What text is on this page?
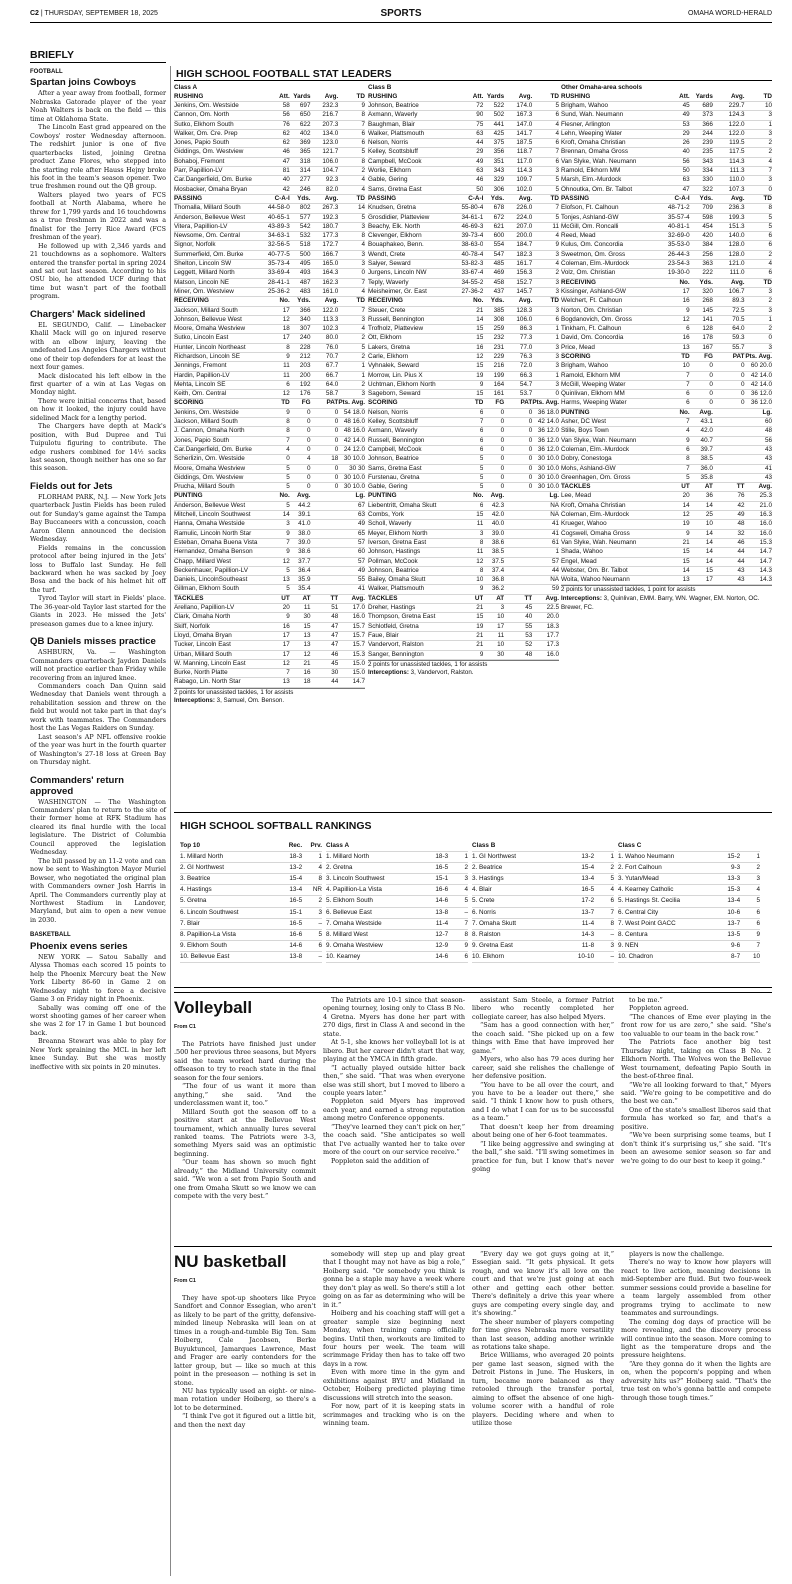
C2 | THURSDAY, SEPTEMBER 18, 2025	SPORTS	OMAHA WORLD-HERALD
BRIEFLY
FOOTBALL
Spartan joins Cowboys

After a year away from football, former Nebraska Gatorade player of the year Noah Walters is back on the field — this time at Oklahoma State.

The Lincoln East grad appeared on the Cowboys' roster Wednesday afternoon. The redshirt junior is one of five quarterbacks listed, joining Gretna product Zane Flores, who stepped into the starting role after Hauss Hejny broke his foot in the team's season opener. Two true freshmen round out the QB group.

Walters played two years of FCS football at North Alabama, where he threw for 1,799 yards and 16 touchdowns as a true freshman in 2022 and was a finalist for the Jerry Rice Award (FCS freshman of the year).

He followed up with 2,346 yards and 21 touchdowns as a sophomore. Walters entered the transfer portal in spring 2024 and sat out last season. According to his OSU bio, he attended UCF during that time but wasn't part of the football program.

Chargers' Mack sidelined

EL SEGUNDO, Calif. — Linebacker Khalil Mack will go on injured reserve with an elbow injury, leaving the undefeated Los Angeles Chargers without one of their top defenders for at least the next four games.

Mack dislocated his left elbow in the first quarter of a win at Las Vegas on Monday night.

There were initial concerns that, based on how it looked, the injury could have sidelined Mack for a lengthy period.

The Chargers have depth at Mack's position, with Bud Dupree and Tui Tuipulotu figuring to contribute. The edge rushers combined for 14½ sacks last season, though neither has one so far this season.

Fields out for Jets

FLORHAM PARK, N.J. — New York Jets quarterback Justin Fields has been ruled out for Sunday's game against the Tampa Bay Buccaneers with a concussion, coach Aaron Glenn announced the decision Wednesday.

Fields remains in the concussion protocol after being injured in the Jets' loss to Buffalo last Sunday. He fell backward when he was sacked by Joey Bosa and the back of his helmet hit off the turf.

Tyrod Taylor will start in Fields' place. The 36-year-old Taylor last started for the Giants in 2023. He missed the Jets' preseason games due to a knee injury.

QB Daniels misses practice

ASHBURN, Va. — Washington Commanders quarterback Jayden Daniels will not practice earlier than Friday while recovering from an injured knee.

Commanders coach Dan Quinn said Wednesday that Daniels went through a rehabilitation session and threw on the field but would not take part in that day's work with teammates. The Commanders host the Las Vegas Raiders on Sunday.

Last season's AP NFL offensive rookie of the year was hurt in the fourth quarter of Washington's 27-18 loss at Green Bay on Thursday night.

Commanders' return approved

WASHINGTON — The Washington Commanders' plan to return to the site of their former home at RFK Stadium has cleared its final hurdle with the local legislature. The District of Columbia Council approved the legislation Wednesday.

The bill passed by an 11-2 vote and can now be sent to Washington Mayor Muriel Bowser, who negotiated the original plan with Commanders owner Josh Harris in April. The Commanders currently play at Northwest Stadium in Landover, Maryland, but aim to open a new venue in 2030.

BASKETBALL
Phoenix evens series

NEW YORK — Satou Sabally and Alyssa Thomas each scored 15 points to help the Phoenix Mercury beat the New York Liberty 86-60 in Game 2 on Wednesday night to force a decisive Game 3 on Friday night in Phoenix.

Sabally was coming off one of the worst shooting games of her career when she was 2 for 17 in Game 1 but bounced back.

Breanna Stewart was able to play for New York spraining the MCL in her left knee Sunday. But she was mostly ineffective with six points in 20 minutes.

HIGH SCHOOL FOOTBALL STAT LEADERS
Class A
RUSHING	Att.	Yards	Avg.	TD
Jenkins, Om. Westside	58	697	232.3	9
Cannon, Om. North	56	650	216.7	8
Sutko, Elkhorn South	76	622	207.3	7
Walker, Om. Cre. Prep	62	402	134.0	6
Jones, Papio South	62	369	123.0	6
Giddings, Om. Westview	46	365	121.7	5
Bohaboj, Fremont	47	318	106.0	8
Parr, Papillion-LV	81	314	104.7	2
Car.Dangerfield, Om. Burke	40	277	92.3	4
Mosbacker, Omaha Bryan	42	246	82.0	4
PASSING	C-A-I	Yds.	Avg.	TD
Thomalla, Millard South	44-58-0	802	267.3	14
Anderson, Bellevue West	40-65-1	577	192.3	5
Vitera, Papillion-LV	43-89-3	542	180.7	3
Newsome, Om. Central	34-63-1	532	177.3	8
Signor, Norfolk	32-56-5	518	172.7	4
Summerfield, Om. Burke	40-77-5	500	166.7	3
Shelton, Lincoln SW	35-73-4	495	165.0	3
Leggett, Millard North	33-69-4	493	164.3	0
Matson, Lincoln NE	28-41-1	487	162.3	7
Miner, Om. Westview	25-36-2	483	161.0	4
RECEIVING	No.	Yds.	Avg.	TD
Jackson, Millard South	17	366	122.0	7
Johnson, Bellevue West	12	340	113.3	3
Moore, Omaha Westview	18	307	102.3	4
Sutko, Lincoln East	17	240	80.0	2
Hunter, Lincoln Northeast	8	228	76.0	5
Richardson, Lincoln SE	9	212	70.7	2
Jennings, Fremont	11	203	67.7	1
Hardin, Papillion-LV	11	200	66.7	1
Mehta, Lincoln SE	6	192	64.0	2
Keith, Om. Central	12	176	58.7	3
SCORING	TD	FG	PAT	Pts. Avg.
Jenkins, Om. Westside	9	0	0	54 18.0
Jackson, Millard South	8	0	0	48 16.0
J. Cannon, Omaha North	8	0	0	48 16.0
Jones, Papio South	7	0	0	42 14.0
Car.Dangerfield, Om. Burke	4	0	0	24 12.0
Scherlizin, Om. Westside	0	4	18	30 10.0
Moore, Omaha Westview	5	0	0	30 30
Giddings, Om. Westview	5	0	0	30 10.0
Prucha, Millard South	5	0	0	30 10.0
PUNTING	No.	Avg.		Lg.
Anderson, Bellevue West	5	44.2		67
Mitchell, Lincoln Southwest	14	39.1		63
Hanna, Omaha Westside	3	41.0		49
Ramulic, Lincoln North Star	9	38.0		65
Esteban, Omaha Buena Vista	7	39.0		57
Hernandez, Omaha Benson	9	38.6		60
Chapp, Millard West	12	37.7		57
Beckenhauer, Papillion-LV	5	36.4		49
Daniels, LincolnSoutheast	13	35.9		55
Gillman, Elkhorn South	5	35.4		41
TACKLES	UT	AT	TT	Avg.
Arellano, Papillion-LV	20	11	51	17.0
Clark, Omaha North	9	30	48	16.0
Skiff, Norfolk	16	15	47	15.7
Lloyd, Omaha Bryan	17	13	47	15.7
Tucker, Lincoln East	17	13	47	15.7
Urban, Millard South	17	12	46	15.3
W. Manning, Lincoln East	12	21	45	15.0
Burke, North Platte	7	16	30	15.0
Rabago, Lin. North Star	13	18	44	14.7
2 points for unassisted tackles, 1 for assists
Interceptions: 3, Samuel, Om. Benson.
Class B
RUSHING	Att.	Yards	Avg.	TD
Johnson, Beatrice	72	522	174.0	5
Axmann, Waverly	90	502	167.3	6
Baughman, Blair	75	441	147.0	4
Walker, Plattsmouth	63	425	141.7	4
Nelson, Norris	44	375	187.5	6
Kelley, Scottsbluff	29	356	118.7	7
Campbell, McCook	49	351	117.0	6
Worlie, Elkhorn	63	343	114.3	3
Gable, Gering	46	329	109.7	5
Sams, Gretna East	50	306	102.0	5
PASSING	C-A-I	Yds.	Avg.	TD
Knudsen, Gretna	55-80-4	678	226.0	7
Grosdidier, Platteview	34-61-1	672	224.0	5
Beachy, Elk. North	46-69-3	621	207.0	11
Clevenger, Elkhorn	39-73-4	600	200.0	4
Bouaphakeo, Benn.	38-63-0	554	184.7	9
Wendt, Crete	40-78-4	547	182.3	3
Salyer, Seward	53-82-3	485	161.7	4
Jurgens, Lincoln NW	33-67-4	469	156.3	2
Teply, Waverly	34-55-2	458	152.7	3
Meisheimer, Gr. East	27-36-2	437	145.7	3
RECEIVING	No.	Yds.	Avg.	TD
Steuer, Crete	21	385	128.3	3
Russell, Bennington	14	308	106.0	6
Trofholz, Platteview	15	259	86.3	1
Ott, Elkhorn	15	232	77.3	1
Lakers, Gretna	16	231	77.0	3
Carle, Elkhorn	12	229	76.3	3
Vyhnalek, Seward	15	216	72.0	3
Morrow, Lin. Pius X	19	199	66.3	1
Uchtman, Elkhorn North	9	164	54.7	3
Sageborn, Seward	15	161	53.7	0
SCORING	TD	FG	PAT	Pts. Avg.
Nelson, Norris	6	0	0	36 18.0
Kelley, Scottsbluff	7	0	0	42 14.0
Axmann, Waverly	6	0	0	36 12.0
Russell, Bennington	6	0	0	36 12.0
Campbell, McCook	6	0	0	36 12.0
Johnson, Beatrice	5	0	0	30 10.0
Sams, Gretna East	5	0	0	30 10.0
Furstenau, Gretna	5	0	0	30 10.0
Gable, Gering	5	0	0	30 10.0
PUNTING	No.	Avg.		Lg.
Liebentritt, Omaha Skutt	6	42.3		NA
Combs, York	15	42.0		NA
Scholl, Waverly	11	40.0		41
Meyer, Elkhorn North	3	39.0		41
Iverson, Gretna East	8	38.6		61
Johnson, Hastings	11	38.5		1
Pollman, McCook	12	37.5		57
Johnson, Beatrice	8	37.4		44
Bailey, Omaha Skutt	10	36.8		NA
Walker, Plattsmouth	9	36.2		59
TACKLES	UT	AT	TT	Avg.
Dreher, Hastings	21	3	45	22.5
Thompson, Gretna East	15	10	40	20.0
Schlotfeld, Gretna	19	17	55	18.3
Faue, Blair	21	11	53	17.7
Vandervort, Ralston	21	10	52	17.3
Sanger, Bennington	9	30	48	16.0
2 points for unassisted tackles, 1 for assists
Interceptions: 3, Vandervort, Ralston.
Other Omaha-area schools
RUSHING	Att.	Yards	Avg.	TD
Brigham, Wahoo	45	689	229.7	10
Sund, Wah. Neumann	49	373	124.3	3
Flesner, Arlington	53	366	122.0	1
Lehn, Weeping Water	29	244	122.0	3
Kroft, Omaha Christian	26	239	119.5	2
Brennan, Omaha Gross	40	235	117.5	2
Van Slyke, Wah. Neumann	56	343	114.3	4
Ramold, Elkhorn MM	50	334	111.3	7
Marsh, Elm.-Murdock	63	330	110.0	3
Ohnoutka, Om. Br. Talbot	47	322	107.3	0
PASSING	C-A-I	Yds.	Avg.	TD
Elofson, Ft. Calhoun	48-71-2	709	236.3	8
Tonjes, Ashland-GW	35-57-4	598	199.3	5
McGill, Om. Roncalli	40-81-1	454	151.3	5
Reed, Mead	32-69-0	420	140.0	6
Kulus, Om. Concordia	35-53-0	384	128.0	6
Sweetmon, Om. Gross	26-44-3	256	128.0	2
Coleman, Elm.-Murdock	23-54-3	363	121.0	4
Volz, Om. Christian	19-30-0	222	111.0	6
RECEIVING	No.	Yds.	Avg.	TD
Kissinger, Ashland-GW	17	320	106.7	3
Welchert, Ft. Calhoun	16	268	89.3	2
Norton, Om. Christian	9	145	72.5	3
Bogdanovich, Om. Gross	12	141	70.5	1
Tinkham, Ft. Calhoun	6	128	64.0	2
David, Om. Concordia	16	178	59.3	0
Price, Mead	13	167	55.7	3
SCORING	TD	FG	PAT	Pts. Avg.
Brigham, Wahoo	10	0	0	60 20.0
Ramold, Elkhorn MM	7	0	0	42 14.0
McGill, Weeping Water	7	0	0	42 14.0
Quinlivan, Elkhorn MM	6	0	0	36 12.0
Harms, Weeping Water	6	0	0	36 12.0
PUNTING	No.	Avg.		Lg.
Asher, DC West	7	43.1		60
Stille, Boys Town	4	42.0		48
Van Slyke, Wah. Neumann	9	40.7		56
Coleman, Elm.-Murdock	6	39.7		43
Dobry, Conestoga	8	38.5		43
Mohs, Ashland-GW	7	36.0		41
Greenhagen, Om. Gross	5	35.8		43
TACKLES	UT	AT	TT	Avg.
Lee, Mead	20	36	76	25.3
Kroft, Omaha Christian	14	14	42	21.0
Coleman, Elm.-Murdock	12	25	49	16.3
Krueger, Wahoo	19	10	48	16.0
Cogswell, Omaha Gross	9	14	32	16.0
Van Slyke, Wah. Neumann	21	14	46	15.3
Shada, Wahoo	15	14	44	14.7
Engel, Mead	15	14	44	14.7
Webster, Om. Br. Talbot	14	15	43	14.3
Woita, Wahoo Neumann	13	17	43	14.3
2 points for unassisted tackles, 1 point for assists
Interceptions: 3, Quinlivan, EMM. Barry, WN. Wagner, EM. Norton, OC. Brewer, FC.
HIGH SCHOOL SOFTBALL RANKINGS
Top 10	Rec.	Prv.
1. Millard North	18-3	1
2. GI Northwest	13-2	4
3. Beatrice	15-4	8
4. Hastings	13-4	NR
5. Gretna	16-5	2
6. Lincoln Southwest	15-1	3
7. Blair	16-5	–
8. Papillion-La Vista	16-6	5
9. Elkhorn South	14-6	6
10. Bellevue East	13-8	–
Class A		
1. Millard North	18-3	1
2. Gretna	16-5	2
3. Lincoln Southwest	15-1	3
4. Papillion-La Vista	16-6	4
5. Elkhorn South	14-6	5
6. Bellevue East	13-8	–
7. Omaha Westside	11-4	7
8. Millard West	12-7	8
9. Omaha Westview	12-9	9
10. Kearney	14-6	6
Class B		
1. GI Northwest	13-2	1
2. Beatrice	15-4	2
3. Hastings	13-4	5
4. Blair	16-5	4
5. Crete	17-2	6
6. Norris	13-7	7
7. Omaha Skutt	11-4	8
8. Ralston	14-3	–
9. Gretna East	11-8	3
10. Elkhorn	10-10	–
Class C		
1. Wahoo Neumann	15-2	1
2. Fort Calhoun	9-3	2
3. Yutan/Mead	13-3	3
4. Kearney Catholic	15-3	4
5. Hastings St. Cecilia	13-4	5
6. Central City	10-6	6
7. West Point GACC	13-7	6
8. Centura	13-5	9
9. NEN	9-6	7
10. Chadron	8-7	10
Volleyball
From C1

The Patriots have finished just under .500 her previous three seasons, but Myers said the team worked hard during the offseason to try to reach state in the final season for the four seniors.

“The four of us want it more than anything,” she said. “And the underclassmen want it, too.”

Millard South got the season off to a positive start at the Bellevue West tournament, which annually lures several ranked teams. The Patriots were 3-3, something Myers said was an optimistic beginning.

“Our team has shown so much fight already,” the Midland University commit said. “We won a set from Papio South and one from Omaha Skutt so we know we can compete with the very best.”

The Patriots are 10-1 since that season-opening tourney, losing only to Class B No. 4 Gretna. Myers has done her part with 270 digs, first in Class A and second in the state.

At 5-1, she knows her volleyball lot is at libero. But her career didn't start that way, playing at the YMCA in fifth grade.

“I actually played outside hitter back then,” she said. “That was when everyone else was still short, but I moved to libero a couple years later.”

Poppleton said Myers has improved each year, and earned a strong reputation among metro Conference opponents.

“They've learned they can't pick on her,” the coach said. “She anticipates so well that I've actually wanted her to take over more of the court on our service receive.”

Poppleton said the addition of

assistant Sam Steele, a former Patriot libero who recently completed her collegiate career, has also helped Myers.

“Sam has a good connection with her,” the coach said. “She picked up on a few things with Eme that have improved her game.”

Myers, who also has 79 aces during her career, said she relishes the challenge of her defensive position.

“You have to be all over the court, and you have to be a leader out there,” she said. “I think I know how to push others, and I do what I can for us to be successful as a team.”

That doesn't keep her from dreaming about being one of her 6-foot teammates.

“I like being aggressive and swinging at the ball,” she said. “I'll swing sometimes in practice for fun, but I know that's never going

to be me.”

Poppleton agreed.

“The chances of Eme ever playing in the front row for us are zero,” she said. “She's too valuable to our team in the back row.”

The Patriots face another big test Thursday night, taking on Class B No. 2 Elkhorn North. The Wolves won the Bellevue West tournament, defeating Papio South in the best-of-three final.

“We're all looking forward to that,” Myers said. “We're going to be competitive and do the best we can.”

One of the state's smallest liberos said that formula has worked so far, and that's a positive.

“We've been surprising some teams, but I don't think it's surprising us,” she said. “It's been an awesome senior season so far and we're going to do our best to keep it going.”

NU basketball
From C1

They have spot-up shooters like Pryce Sandfort and Connor Essegian, who aren't as likely to be part of the gritty, defensive-minded lineup Nebraska will lean on at times in a rough-and-tumble Big Ten. Sam Hoiberg, Cale Jacobsen, Berke Buyuktuncel, Jamarques Lawrence, Mast and Frager are early contenders for the latter group, but — like so much at this point in the preseason — nothing is set in stone.

NU has typically used an eight- or nine-man rotation under Hoiberg, so there's a lot to be determined.

“I think I've got it figured out a little bit, and then the next day

somebody will step up and play great that I thought may not have as big a role,” Hoiberg said. “Or somebody you think is gonna be a staple may have a week where they don't play as well. So there's still a lot going on as far as determining who will be in it.”

Hoiberg and his coaching staff will get a greater sample size beginning next Monday, when training camp officially begins. Until then, workouts are limited to four hours per week. The team will scrimmage Friday then has to take off two days in a row.

Even with more time in the gym and exhibitions against BYU and Midland in October, Hoiberg predicted playing time discussions will stretch into the season.

For now, part of it is keeping stats in scrimmages and tracking who is on the winning team.

“Every day we got guys going at it,” Essegian said. “It gets physical. It gets rough, and we know it's all love on the court and that we're just going at each other and getting each other better. There's definitely a drive this year where guys are competing every single day, and it's showing.”

The sheer number of players competing for time gives Nebraska more versatility than last season, adding another wrinkle as rotations take shape.

Brice Williams, who averaged 20 points per game last season, signed with the Detroit Pistons in June. The Huskers, in turn, became more balanced as they retooled through the transfer portal, aiming to offset the absence of one high-volume scorer with a handful of role players. Deciding where and when to utilize those

players is now the challenge.

There's no way to know how players will react to live action, meaning decisions in mid-September are fluid. But two four-week summer sessions could provide a baseline for a team largely assembled from other programs trying to acclimate to new teammates and surroundings.

The coming dog days of practice will be more revealing, and the discovery process will continue into the season. More coming to light as the temperature drops and the pressure heightens.

“Are they gonna do it when the lights are on, when the popcorn's popping and when adversity hits us?” Hoiberg said. “That's the true test on who's gonna battle and compete through those tough times.”
